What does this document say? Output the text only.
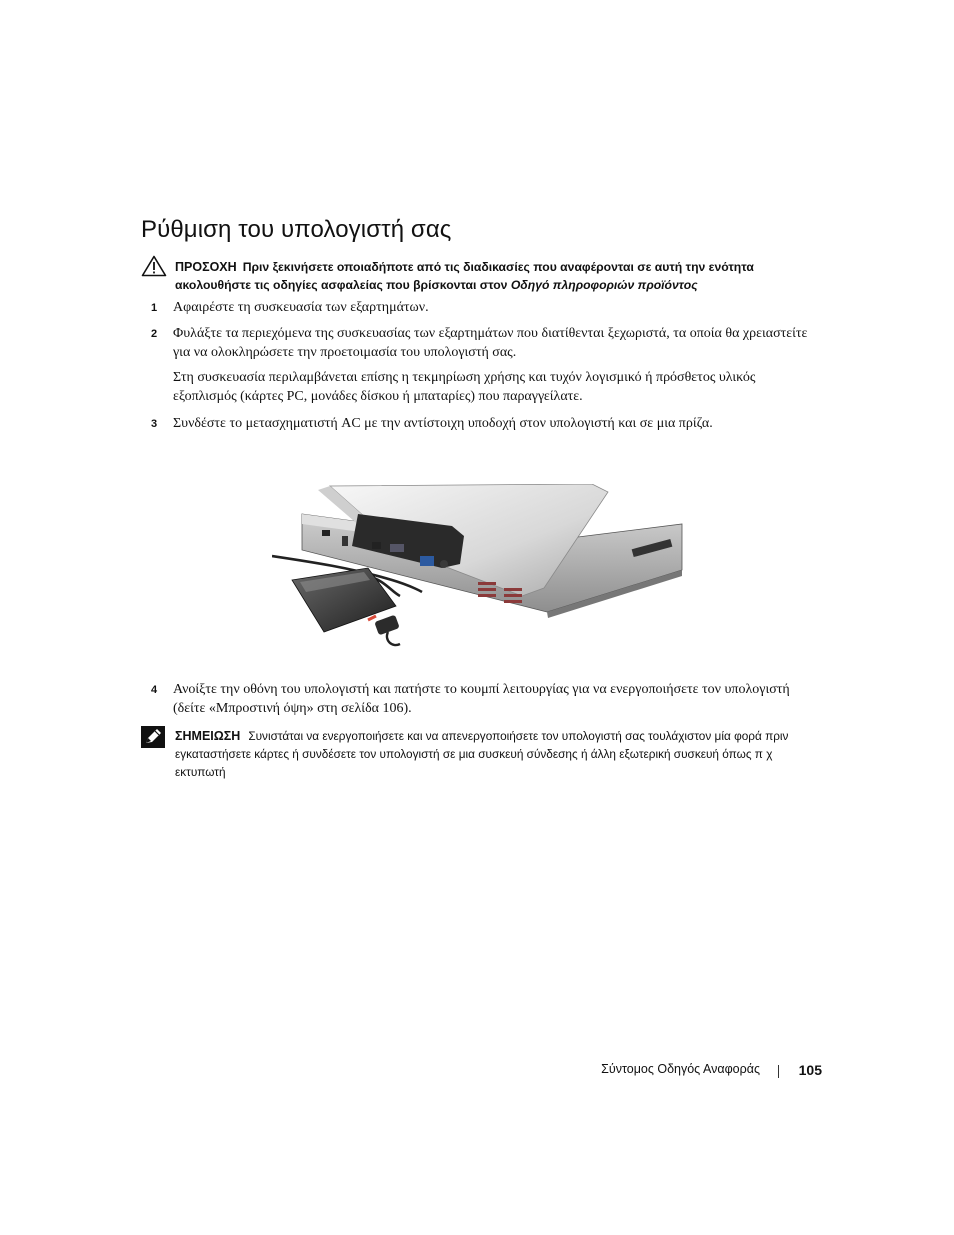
Ρύθμιση του υπολογιστή σας
ΠΡΟΣΟΧΗ Πριν ξεκινήσετε οποιαδήποτε από τις διαδικασίες που αναφέρονται σε αυτή την ενότητα ακολουθήστε τις οδηγίες ασφαλείας που βρίσκονται στον Οδηγό πληροφοριών προϊόντος
1 Αφαιρέστε τη συσκευασία των εξαρτημάτων.
2 Φυλάξτε τα περιεχόμενα της συσκευασίας των εξαρτημάτων που διατίθενται ξεχωριστά, τα οποία θα χρειαστείτε για να ολοκληρώσετε την προετοιμασία του υπολογιστή σας.
Στη συσκευασία περιλαμβάνεται επίσης η τεκμηρίωση χρήσης και τυχόν λογισμικό ή πρόσθετος υλικός εξοπλισμός (κάρτες PC, μονάδες δίσκου ή μπαταρίες) που παραγγείλατε.
3 Συνδέστε το μετασχηματιστή AC με την αντίστοιχη υποδοχή στον υπολογιστή και σε μια πρίζα.
4 Ανοίξτε την οθόνη του υπολογιστή και πατήστε το κουμπί λειτουργίας για να ενεργοποιήσετε τον υπολογιστή (δείτε «Μπροστινή όψη» στη σελίδα 106).
ΣΗΜΕΙΩΣΗ Συνιστάται να ενεργοποιήσετε και να απενεργοποιήσετε τον υπολογιστή σας τουλάχιστον μία φορά πριν εγκαταστήσετε κάρτες ή συνδέσετε τον υπολογιστή σε μια συσκευή σύνδεσης ή άλλη εξωτερική συσκευή όπως π χ εκτυπωτή
Σύντομος Οδηγός Αναφοράς	105
